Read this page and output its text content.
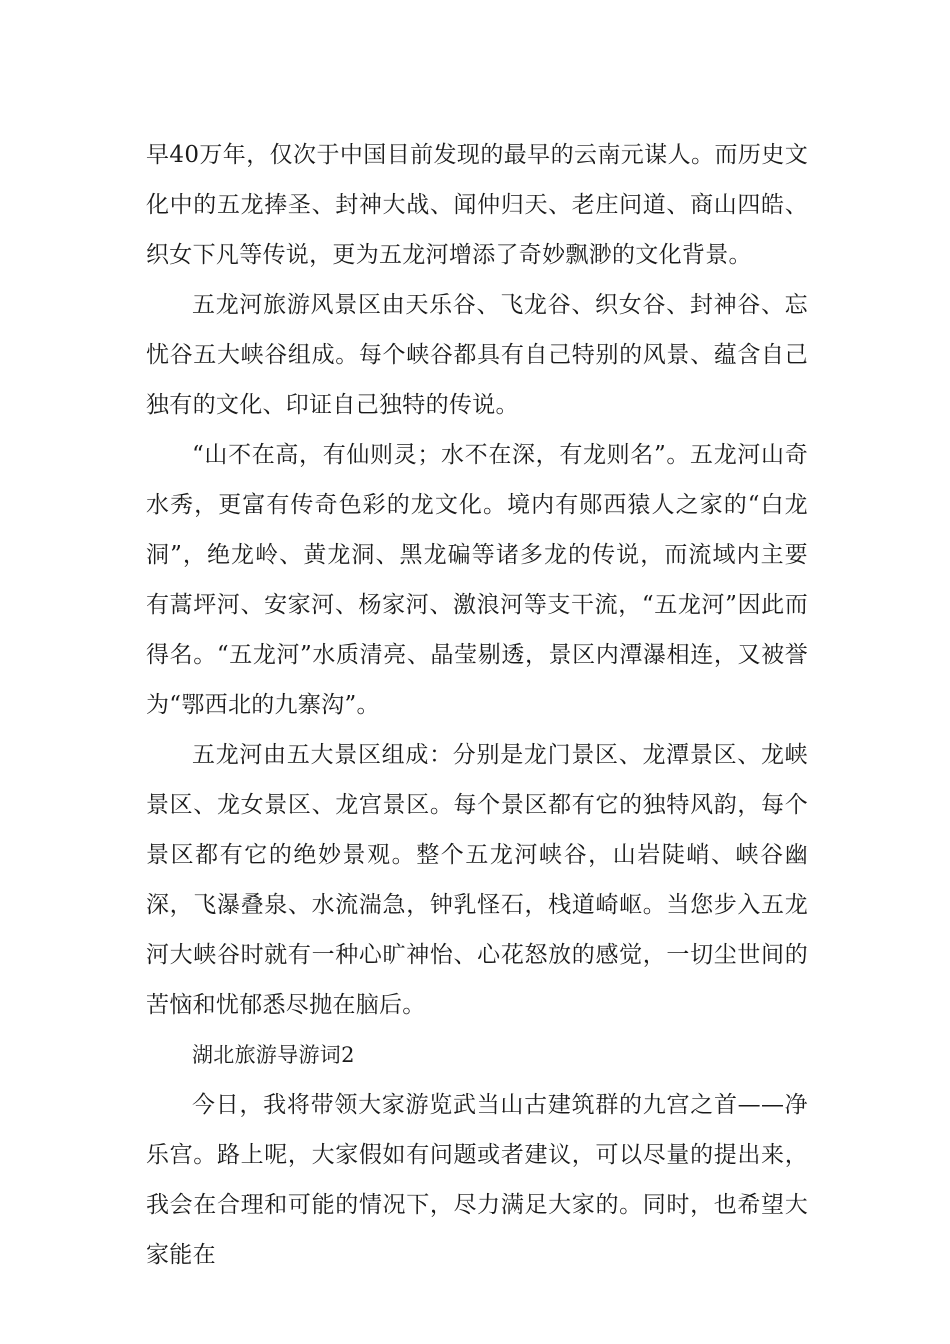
早40万年，仅次于中国目前发现的最早的云南元谋人。而历史文化中的五龙捧圣、封神大战、闻仲归天、老庄问道、商山四皓、织女下凡等传说，更为五龙河增添了奇妙飘渺的文化背景。

五龙河旅游风景区由天乐谷、飞龙谷、织女谷、封神谷、忘忧谷五大峡谷组成。每个峡谷都具有自己特别的风景、蕴含自己独有的文化、印证自己独特的传说。

“山不在高，有仙则灵；水不在深，有龙则名”。五龙河山奇水秀，更富有传奇色彩的龙文化。境内有郧西猿人之家的“白龙洞”，绝龙岭、黄龙洞、黑龙碥等诸多龙的传说，而流域内主要有蒿坪河、安家河、杨家河、激浪河等支干流，“五龙河”因此而得名。“五龙河”水质清亮、晶莹剔透，景区内潭瀑相连，又被誉为“鄂西北的九寨沟”。

五龙河由五大景区组成：分别是龙门景区、龙潭景区、龙峡景区、龙女景区、龙宫景区。每个景区都有它的独特风韵，每个景区都有它的绝妙景观。整个五龙河峡谷，山岩陡峭、峡谷幽深，飞瀑叠泉、水流湍急，钟乳怪石，栈道崎岖。当您步入五龙河大峡谷时就有一种心旷神怡、心花怒放的感觉，一切尘世间的苦恼和忧郁悉尽抛在脑后。

湖北旅游导游词2

今日，我将带领大家游览武当山古建筑群的九宫之首——净乐宫。路上呢，大家假如有问题或者建议，可以尽量的提出来，我会在合理和可能的情况下，尽力满足大家的。同时，也希望大家能在
